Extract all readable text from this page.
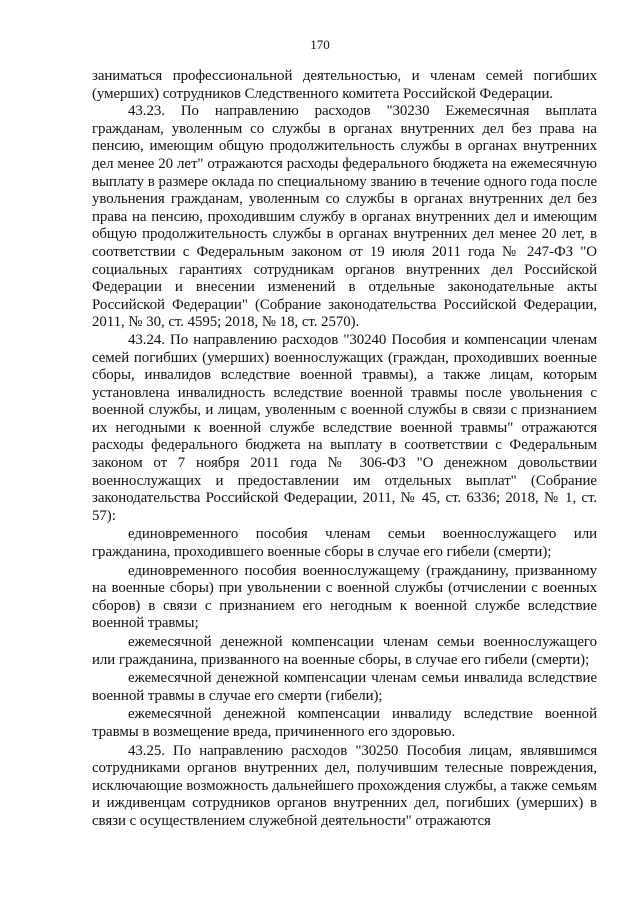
170

заниматься профессиональной деятельностью, и членам семей погибших (умерших) сотрудников Следственного комитета Российской Федерации.

43.23. По направлению расходов "30230 Ежемесячная выплата гражданам, уволенным со службы в органах внутренних дел без права на пенсию, имеющим общую продолжительность службы в органах внутренних дел менее 20 лет" отражаются расходы федерального бюджета на ежемесячную выплату в размере оклада по специальному званию в течение одного года после увольнения гражданам, уволенным со службы в органах внутренних дел без права на пенсию, проходившим службу в органах внутренних дел и имеющим общую продолжительность службы в органах внутренних дел менее 20 лет, в соответствии с Федеральным законом от 19 июля 2011 года № 247-ФЗ "О социальных гарантиях сотрудникам органов внутренних дел Российской Федерации и внесении изменений в отдельные законодательные акты Российской Федерации" (Собрание законодательства Российской Федерации, 2011, № 30, ст. 4595; 2018, № 18, ст. 2570).

43.24. По направлению расходов "30240 Пособия и компенсации членам семей погибших (умерших) военнослужащих (граждан, проходивших военные сборы, инвалидов вследствие военной травмы), а также лицам, которым установлена инвалидность вследствие военной травмы после увольнения с военной службы, и лицам, уволенным с военной службы в связи с признанием их негодными к военной службе вследствие военной травмы" отражаются расходы федерального бюджета на выплату в соответствии с Федеральным законом от 7 ноября 2011 года № 306-ФЗ "О денежном довольствии военнослужащих и предоставлении им отдельных выплат" (Собрание законодательства Российской Федерации, 2011, № 45, ст. 6336; 2018, № 1, ст. 57):

единовременного пособия членам семьи военнослужащего или гражданина, проходившего военные сборы в случае его гибели (смерти);

единовременного пособия военнослужащему (гражданину, призванному на военные сборы) при увольнении с военной службы (отчислении с военных сборов) в связи с признанием его негодным к военной службе вследствие военной травмы;

ежемесячной денежной компенсации членам семьи военнослужащего или гражданина, призванного на военные сборы, в случае его гибели (смерти);

ежемесячной денежной компенсации членам семьи инвалида вследствие военной травмы в случае его смерти (гибели);

ежемесячной денежной компенсации инвалиду вследствие военной травмы в возмещение вреда, причиненного его здоровью.

43.25. По направлению расходов "30250 Пособия лицам, являвшимся сотрудниками органов внутренних дел, получившим телесные повреждения, исключающие возможность дальнейшего прохождения службы, а также семьям и иждивенцам сотрудников органов внутренних дел, погибших (умерших) в связи с осуществлением служебной деятельности" отражаются
